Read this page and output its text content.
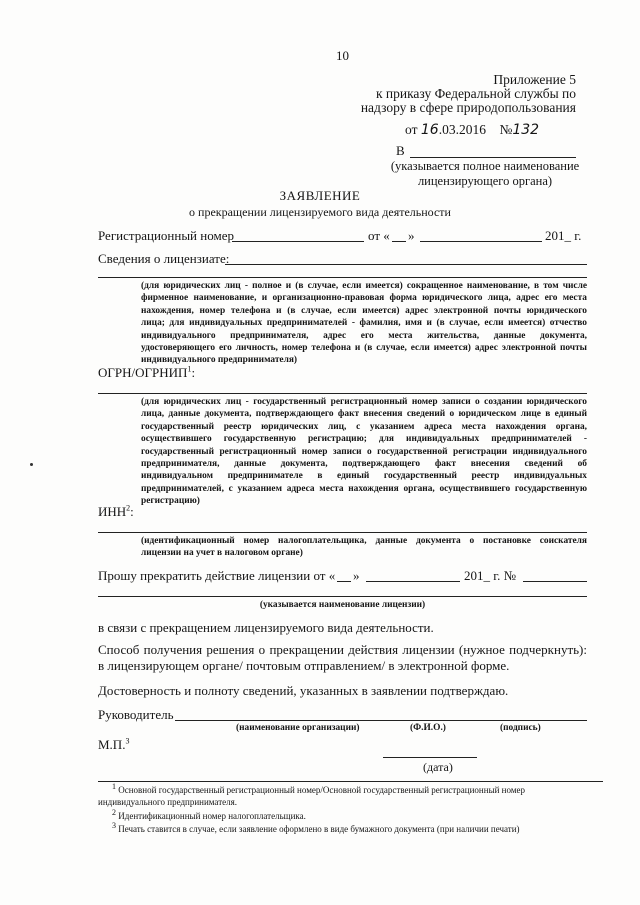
10
Приложение 5
к приказу Федеральной службы по
надзору в сфере природопользования
от 16.03.2016 №132
В
(указывается полное наименование
лицензирующего органа)
ЗАЯВЛЕНИЕ
о прекращении лицензируемого вида деятельности
Регистрационный номер	от « »	201_ г.
Сведения о лицензиате:
(для юридических лиц - полное и (в случае, если имеется) сокращенное наименование, в том числе
фирменное наименование, и организационно-правовая форма юридического лица, адрес его места
нахождения, номер телефона и (в случае, если имеется) адрес электронной почты юридического
лица; для индивидуальных предпринимателей - фамилия, имя и (в случае, если имеется) отчество
индивидуального предпринимателя, адрес его места жительства, данные документа,
удостоверяющего его личность, номер телефона и (в случае, если имеется) адрес электронной почты
индивидуального предпринимателя)
ОГРН/ОГРНИП$^1$:
(для юридических лиц - государственный регистрационный номер записи о создании юридического
лица, данные документа, подтверждающего факт внесения сведений о юридическом лице в единый
государственный реестр юридических лиц, с указанием адреса места нахождения органа,
осуществившего государственную регистрацию; для индивидуальных предпринимателей -
государственный регистрационный номер записи о государственной регистрации индивидуального
предпринимателя, данные документа, подтверждающего факт внесения сведений об
индивидуальном предпринимателе в единый государственный реестр индивидуальных
предпринимателей, с указанием адреса места нахождения органа, осуществившего государственную
регистрацию)
ИНН$^2$:
(идентификационный номер налогоплательщика, данные документа о постановке соискателя
лицензии на учет в налоговом органе)
Прошу прекратить действие лицензии от « »	201_ г. №
(указывается наименование лицензии)
в связи с прекращением лицензируемого вида деятельности.
Способ получения решения о прекращении действия лицензии (нужное подчеркнуть):
в лицензирующем органе/ почтовым отправлением/ в электронной форме.
Достоверность и полноту сведений, указанных в заявлении подтверждаю.
Руководитель
(наименование организации)	(Ф.И.О.)	(подпись)
М.П.$^3$
(дата)
$^1$ Основной государственный регистрационный номер/Основной государственный регистрационный номер
индивидуального предпринимателя.
$^2$ Идентификационный номер налогоплательщика.
$^3$ Печать ставится в случае, если заявление оформлено в виде бумажного документа (при наличии печати)
